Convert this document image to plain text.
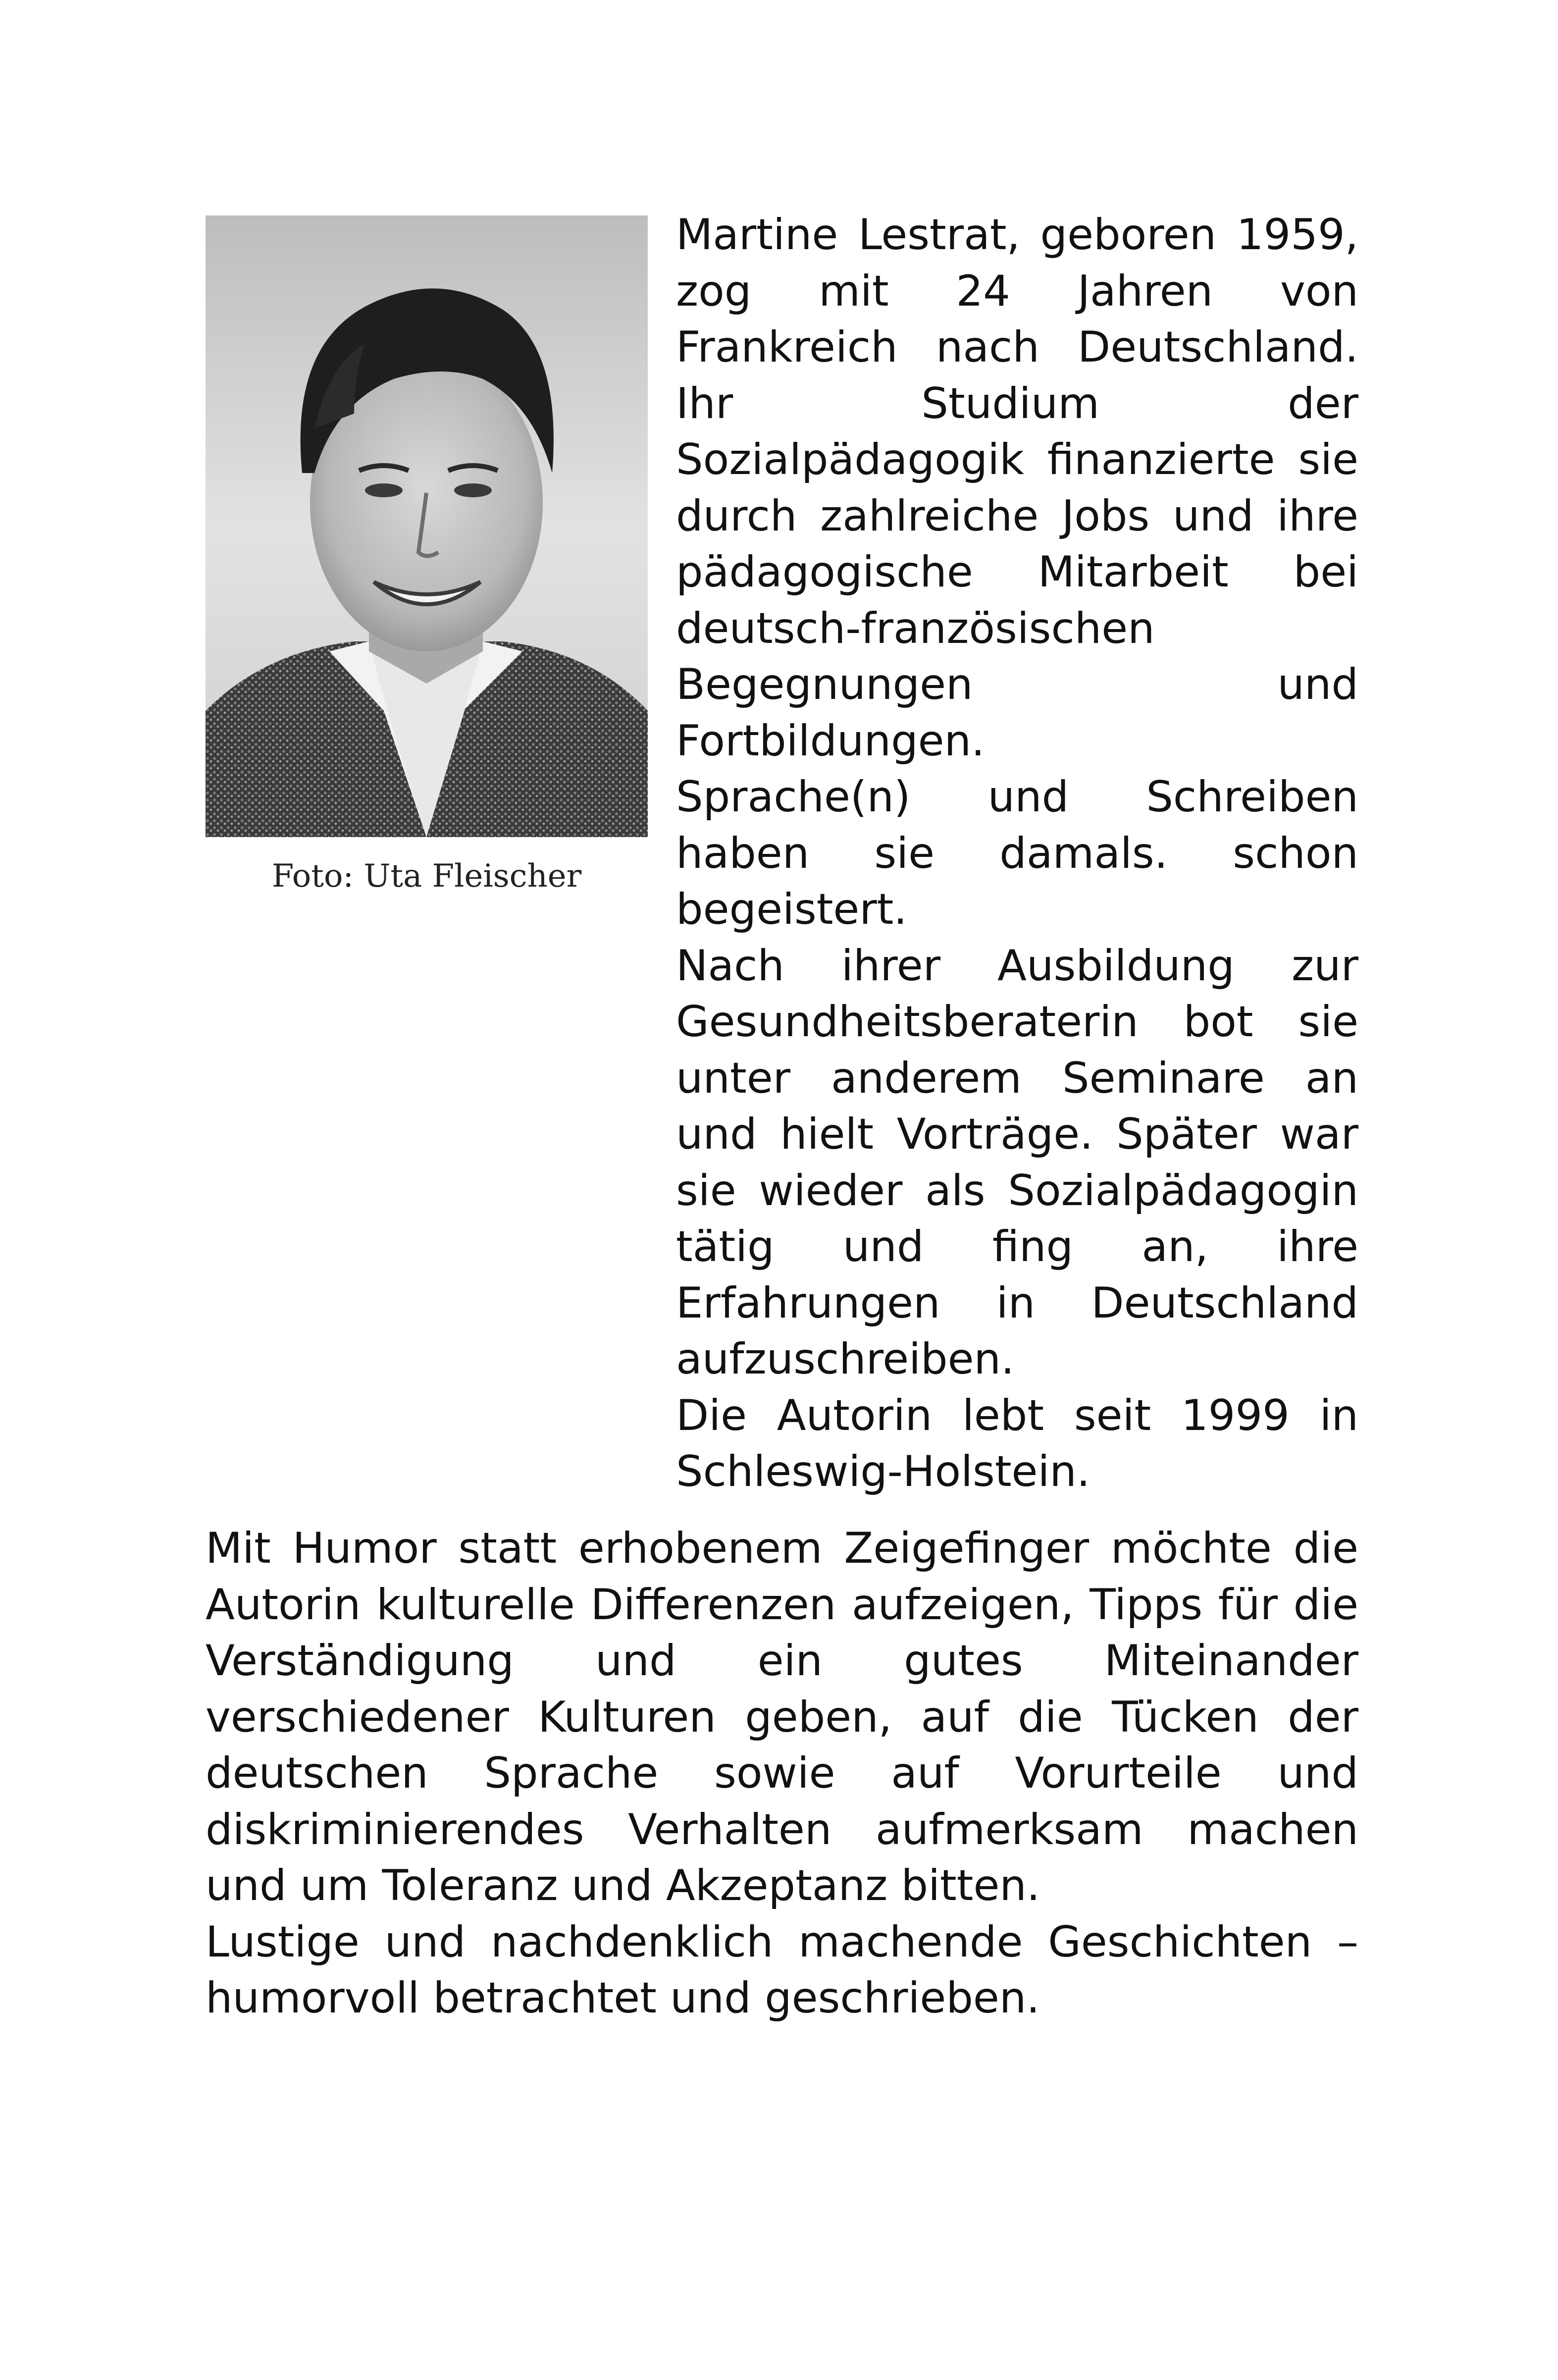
Foto: Uta Fleischer

Martine Lestrat, geboren 1959, zog mit 24 Jahren von Frankreich nach Deutschland. Ihr Studium der Sozialpädagogik finanzierte sie durch zahlreiche Jobs und ihre pädagogische Mitarbeit bei deutsch-französischen Begegnungen und Fortbildungen.

Sprache(n) und Schreiben haben sie damals. schon begeistert.

Nach ihrer Ausbildung zur Gesundheitsberaterin bot sie unter anderem Seminare an und hielt Vorträge. Später war sie wieder als Sozialpädagogin tätig und fing an, ihre Erfahrungen in Deutschland aufzuschreiben.

Die Autorin lebt seit 1999 in Schleswig-Holstein.

Mit Humor statt erhobenem Zeigefinger möchte die Autorin kulturelle Differenzen aufzeigen, Tipps für die Verständigung und ein gutes Miteinander verschiedener Kulturen geben, auf die Tücken der deutschen Sprache sowie auf Vorurteile und diskriminierendes Verhalten aufmerksam machen und um Toleranz und Akzeptanz bitten.

Lustige und nachdenklich machende Geschichten – humorvoll betrachtet und geschrieben.
